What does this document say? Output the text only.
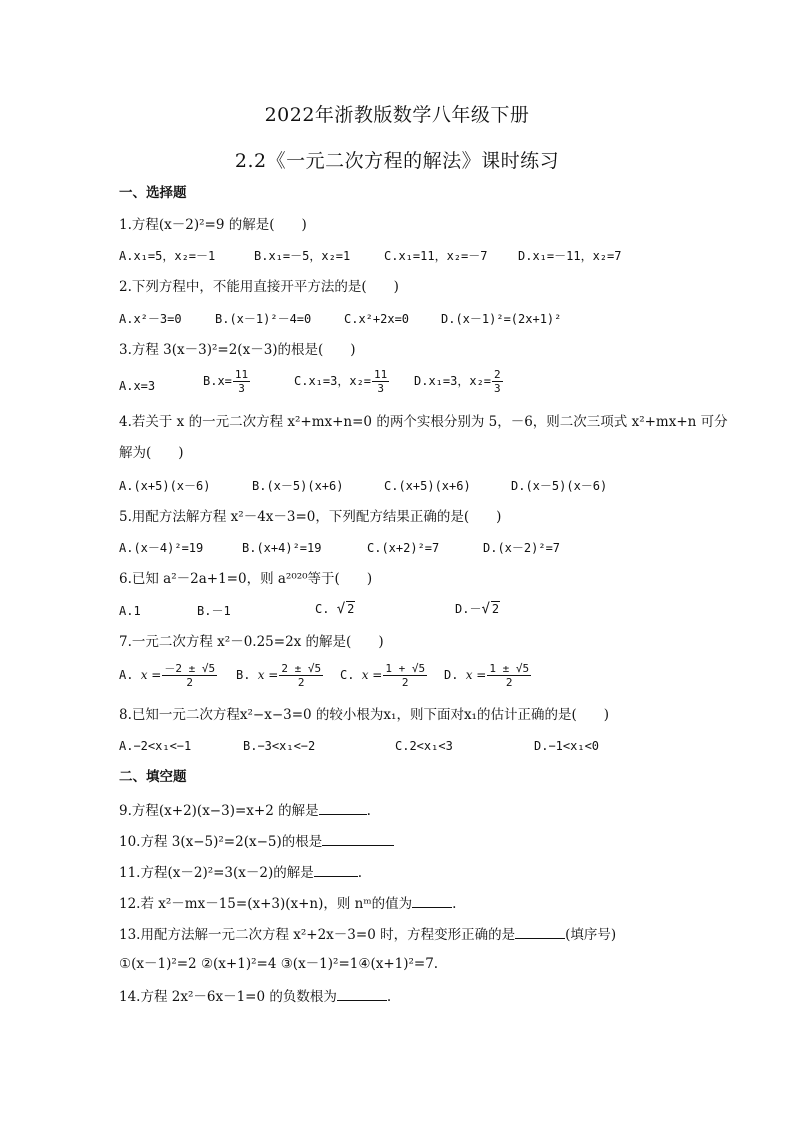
2022年浙教版数学八年级下册
2.2《一元二次方程的解法》课时练习
一、选择题
1.方程(x－2)²=9 的解是(　　)
A.x₁=5，x₂=－1	B.x₁=－5，x₂=1	C.x₁=11，x₂=－7	D.x₁=－11，x₂=7
2.下列方程中，不能用直接开平方法的是(　　)
A.x²－3=0	B.(x－1)²－4=0	C.x²+2x=0	D.(x－1)²=(2x+1)²
3.方程 3(x－3)²=2(x－3)的根是(　　)
A.x=3	$B.x= \frac{11}{3}$	C.x₁=3，$x_2= \frac{11}{3} D.x_1=3$，$x_2= \frac{2}{3}$
4.若关于 x 的一元二次方程 x²+mx+n=0 的两个实根分别为 5，－6，则二次三项式 x²+mx+n 可分
解为(　　)
A.(x+5)(x－6)	B.(x－5)(x+6)	C.(x+5)(x+6)	D.(x－5)(x－6)
5.用配方法解方程 x²－4x－3=0，下列配方结果正确的是(　　)
A.(x－4)²=19	B.(x+4)²=19	C.(x+2)²=7	D.(x－2)²=7
6.已知 a²－2a+1=0，则 a²⁰²⁰等于(　　)
A.1	B.－1	C. √ 2	D.－√ 2
7.一元二次方程 x²－0.25=2x 的解是(　　)
A. $x = \frac{-2 \pm √5}{2} B$. $x = \frac{2 \pm √5}{2} C$. $x = \frac{1 + √5}{2} D$. $x = \frac{1 \pm √5}{2}$
8.已知一元二次方程x²−x−3=0 的较小根为x₁，则下面对x₁的估计正确的是(　　)
A.−2<x₁<−1	B.−3<x₁<−2	C.2<x₁<3	D.−1<x₁<0
二、填空题
9.方程(x+2)(x−3)=x+2 的解是	.
10.方程 3(x−5)²=2(x−5)的根是
11.方程(x－2)²=3(x－2)的解是	.
12.若 x²－mx－15=(x+3)(x+n)，则 nᵐ的值为	.
13.用配方法解一元二次方程 x²+2x－3=0 时，方程变形正确的是	(填序号)
①(x－1)²=2 ②(x+1)²=4 ③(x－1)²=1④(x+1)²=7.
14.方程 2x²－6x－1=0 的负数根为	.
